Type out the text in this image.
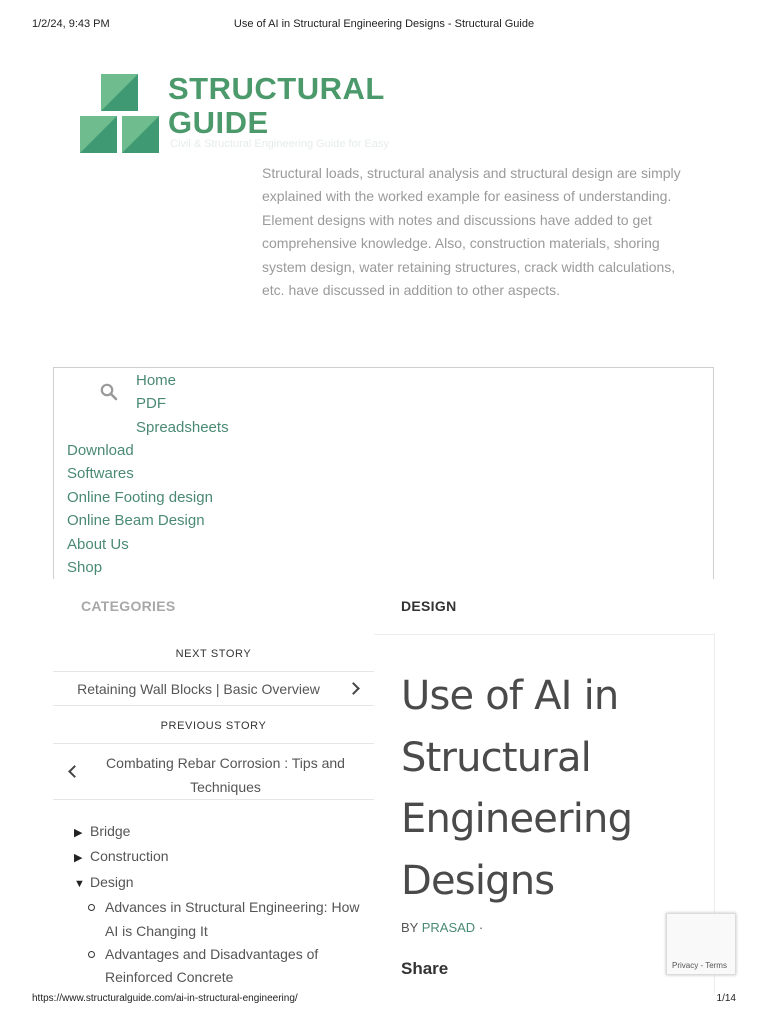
1/2/24, 9:43 PM	Use of AI in Structural Engineering Designs - Structural Guide
STRUCTURAL
GUIDE
Civil & Structural Engineering Guide for Easy

Structural loads, structural analysis and structural design are simply explained with the worked example for easiness of understanding. Element designs with notes and discussions have added to get comprehensive knowledge. Also, construction materials, shoring system design, water retaining structures, crack width calculations, etc. have discussed in addition to other aspects.

Home
PDF
Spreadsheets
Download
Softwares
Online Footing design
Online Beam Design
About Us
Shop
CATEGORIES	DESIGN
NEXT STORY
Retaining Wall Blocks | Basic Overview
PREVIOUS STORY
Combating Rebar Corrosion : Tips and Techniques
▶ Bridge
▶ Construction
▼ Design
Advances in Structural Engineering: How AI is Changing It
Advantages and Disadvantages of Reinforced Concrete
Use of AI in Structural Engineering Designs
BY PRASAD ·
Share	Privacy - Terms
https://www.structuralguide.com/ai-in-structural-engineering/	1/14
